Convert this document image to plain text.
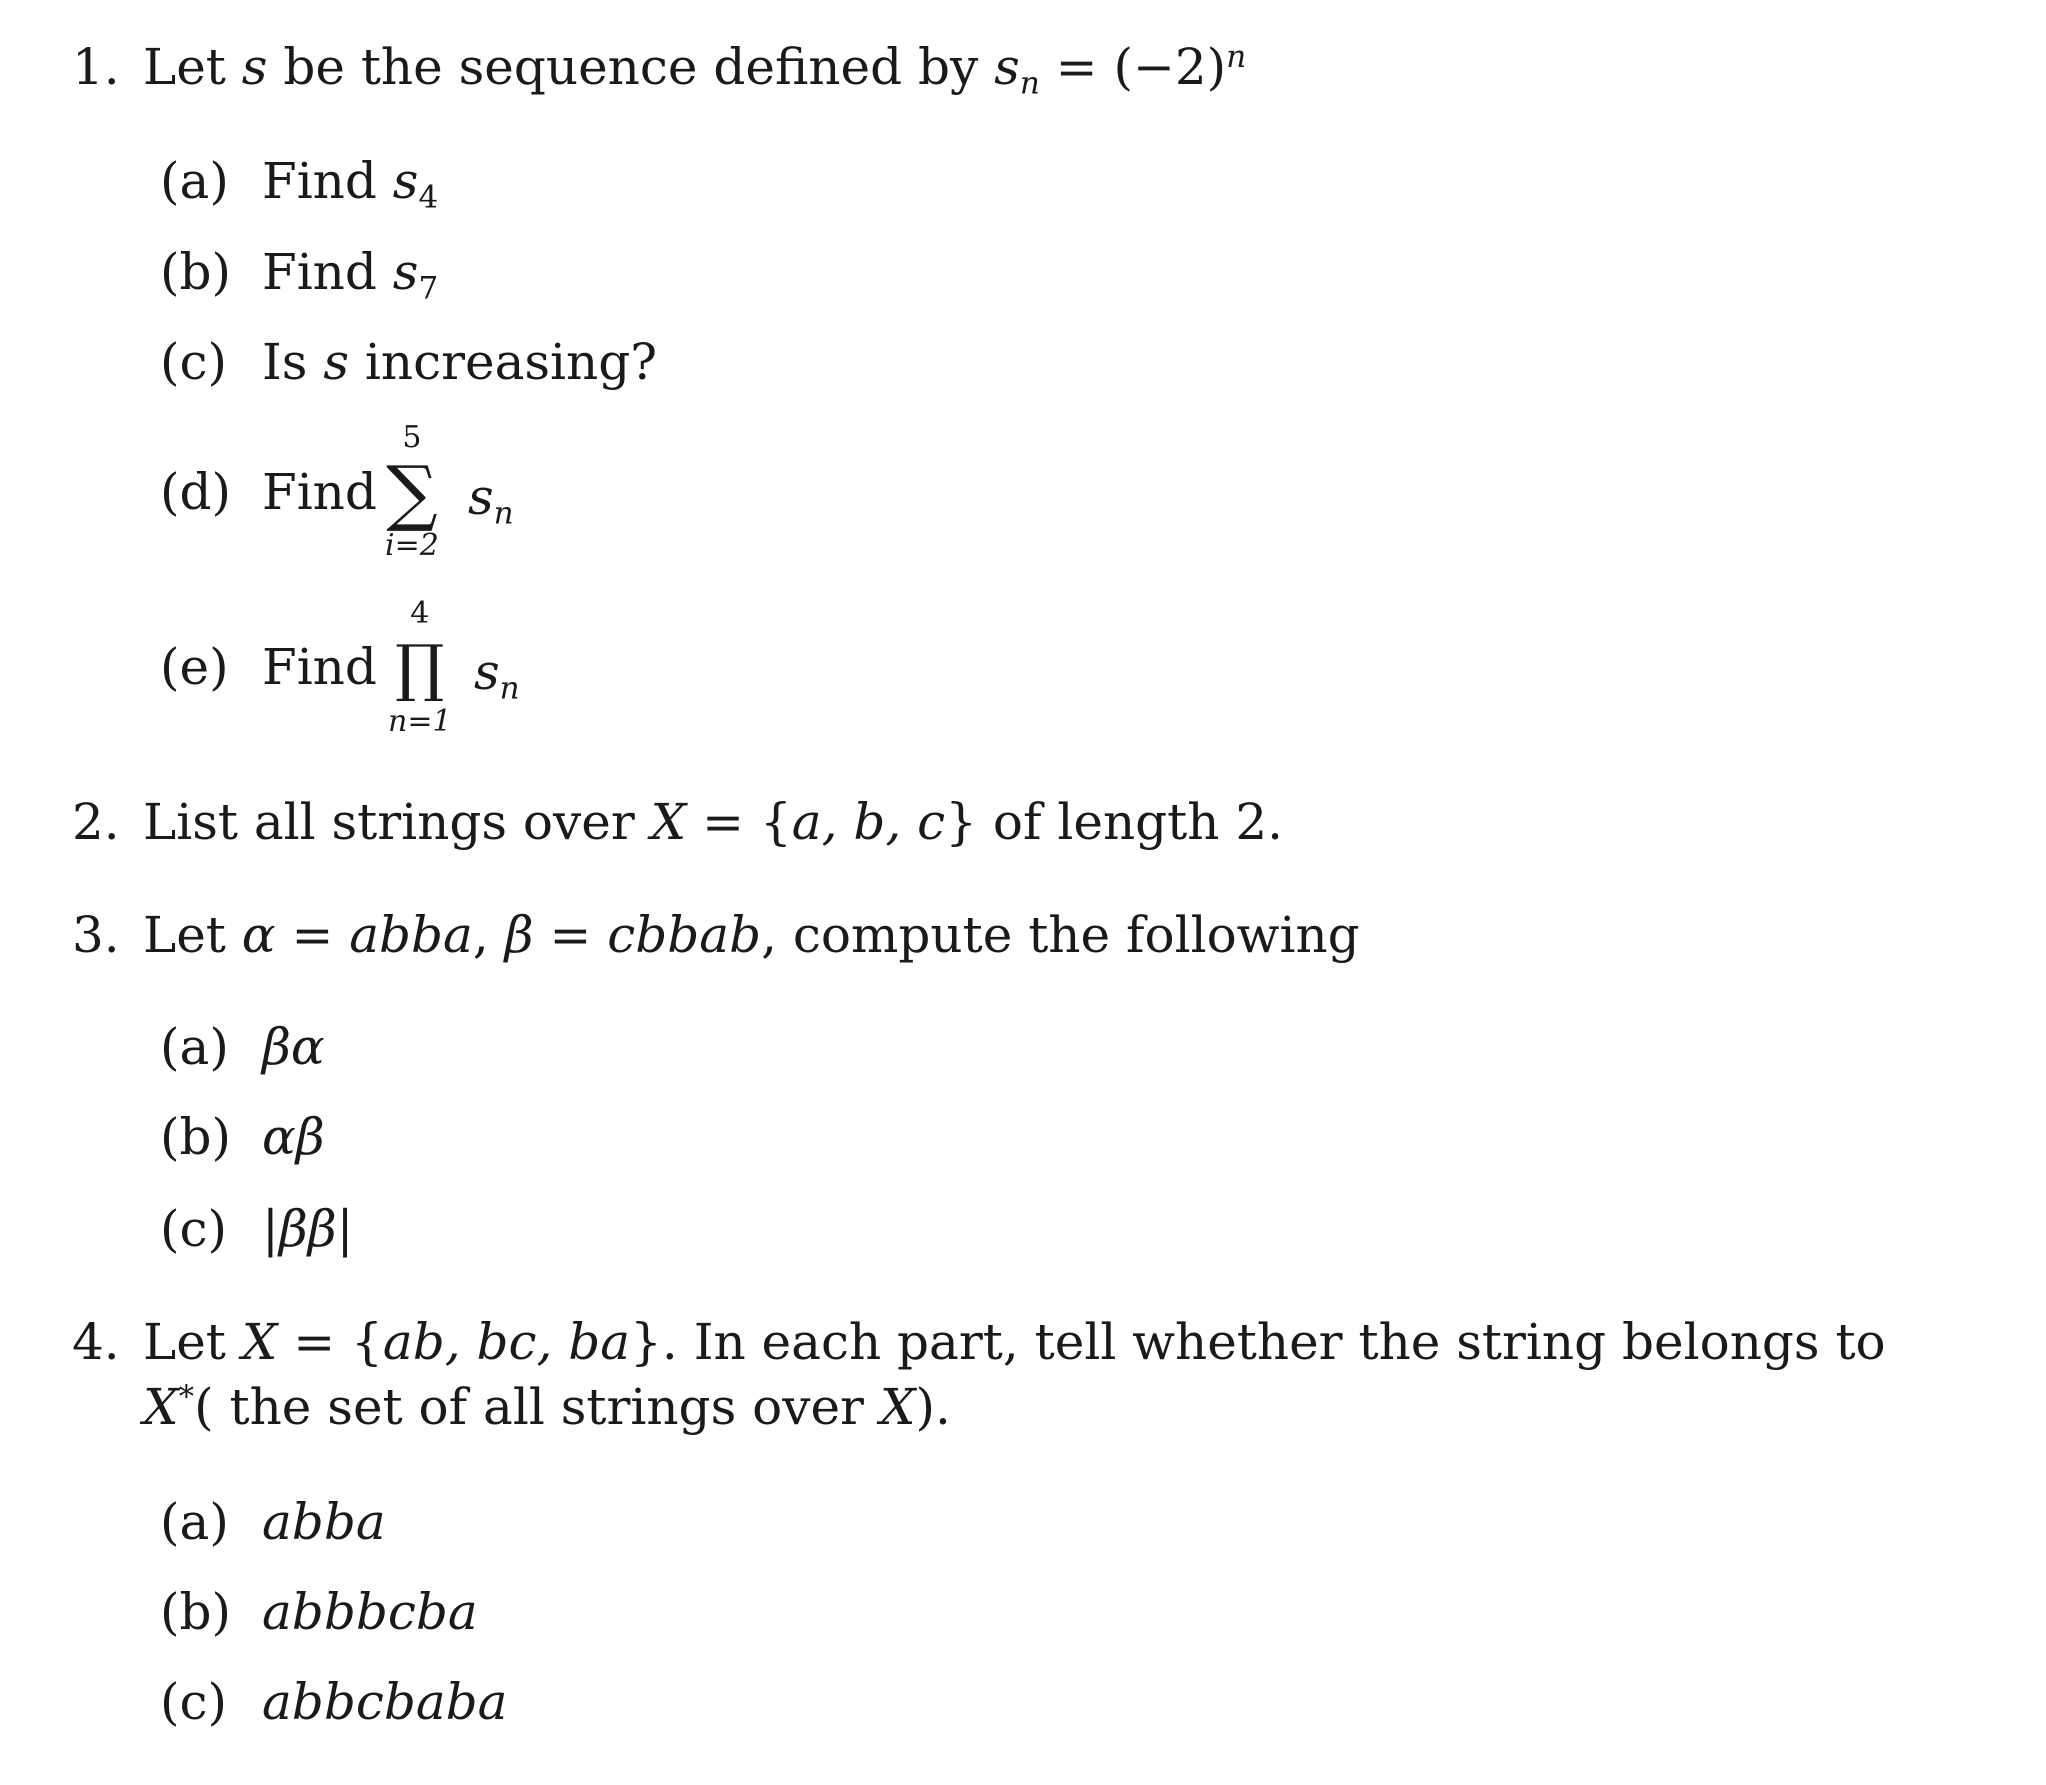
1. Let s be the sequence defined by $s_n = (-2)^n$
(a) Find $s_4$
(b) Find $s_7$
(c) Is s increasing?
(d) Find
5
∑
i=2
$s_n$
(e) Find
4
∏
n=1
$s_n$
2. List all strings over X = {a, b, c} of length 2.
3. Let α = abba, β = cbbab, compute the following
(a) βα
(b) αβ
(c) |ββ|
4. Let X = {ab, bc, ba}. In each part, tell whether the string belongs to
X*( the set of all strings over X).
(a) abba
(b) abbbcba
(c) abbcbaba
